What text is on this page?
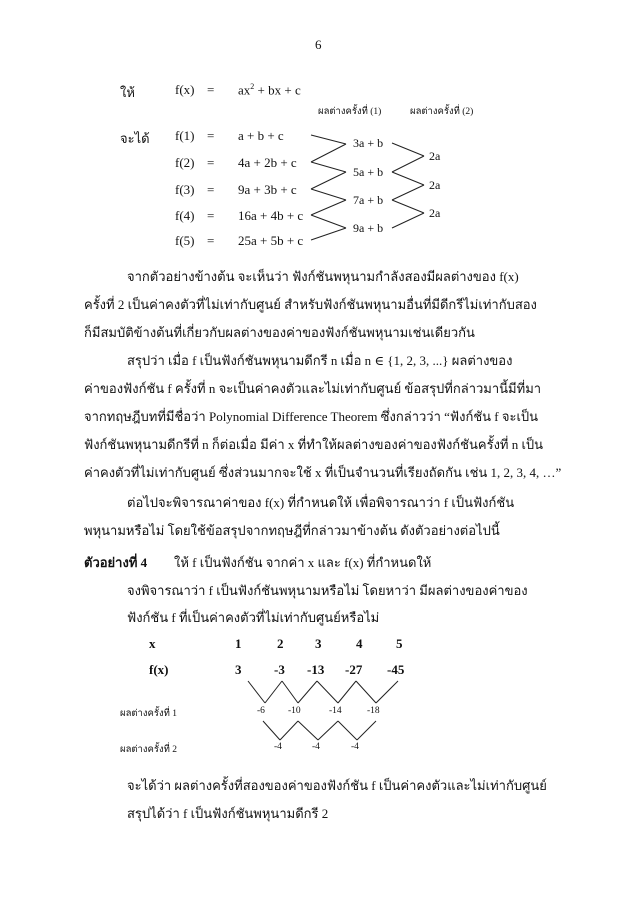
6
ให้	$f(x) = ax^2$ + bx + c
ผลต่างครั้งที่ (1)	ผลต่างครั้งที่ (2)
จะได้ f(1) = a + b + c
f(2) = 4a + 2b + c
f(3) = 9a + 3b + c
f(4) = 16a + 4b + c
f(5) = 25a + 5b + c
3a + b
5a + b
7a + b
9a + b
2a
2a
2a
จากตัวอย่างข้างต้น จะเห็นว่า ฟังก์ชันพหุนามกำลังสองมีผลต่างของ f(x)
ครั้งที่ 2 เป็นค่าคงตัวที่ไม่เท่ากับศูนย์ สำหรับฟังก์ชันพหุนามอื่นที่มีดีกรีไม่เท่ากับสอง
ก็มีสมบัติข้างต้นที่เกี่ยวกับผลต่างของค่าของฟังก์ชันพหุนามเช่นเดียวกัน
สรุปว่า เมื่อ f เป็นฟังก์ชันพหุนามดีกรี n เมื่อ n ∈ {1, 2, 3, ...} ผลต่างของ
ค่าของฟังก์ชัน f ครั้งที่ n จะเป็นค่าคงตัวและไม่เท่ากับศูนย์ ข้อสรุปที่กล่าวมานี้มีที่มา
จากทฤษฎีบทที่มีชื่อว่า Polynomial Difference Theorem ซึ่งกล่าวว่า “ฟังก์ชัน f จะเป็น
ฟังก์ชันพหุนามดีกรีที่ n ก็ต่อเมื่อ มีค่า x ที่ทำให้ผลต่างของค่าของฟังก์ชันครั้งที่ n เป็น
ค่าคงตัวที่ไม่เท่ากับศูนย์ ซึ่งส่วนมากจะใช้ x ที่เป็นจำนวนที่เรียงถัดกัน เช่น 1, 2, 3, 4, …”
ต่อไปจะพิจารณาค่าของ f(x) ที่กำหนดให้ เพื่อพิจารณาว่า f เป็นฟังก์ชัน
พหุนามหรือไม่ โดยใช้ข้อสรุปจากทฤษฎีที่กล่าวมาข้างต้น ดังตัวอย่างต่อไปนี้
ตัวอย่างที่ 4 ให้ f เป็นฟังก์ชัน จากค่า x และ f(x) ที่กำหนดให้
จงพิจารณาว่า f เป็นฟังก์ชันพหุนามหรือไม่ โดยหาว่า มีผลต่างของค่าของ
ฟังก์ชัน f ที่เป็นค่าคงตัวที่ไม่เท่ากับศูนย์หรือไม่
x	1	2 3	4	5
f(x)	3	-3 -13 -27 -45
ผลต่างครั้งที่ 1	-6 -10	-14	-18
ผลต่างครั้งที่ 2	-4	-4	-4
จะได้ว่า ผลต่างครั้งที่สองของค่าของฟังก์ชัน f เป็นค่าคงตัวและไม่เท่ากับศูนย์
สรุปได้ว่า f เป็นฟังก์ชันพหุนามดีกรี 2
